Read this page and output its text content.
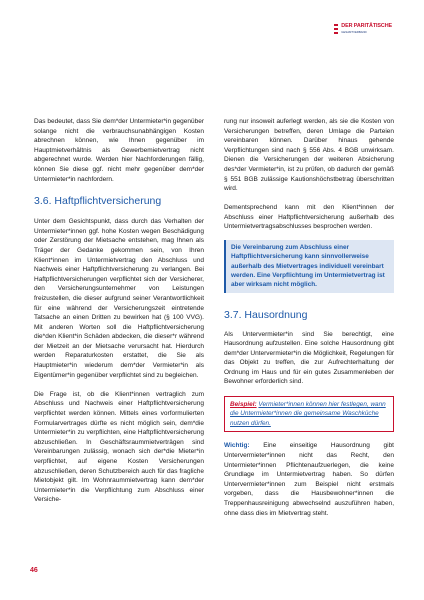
DER PARITÄTISCHE
GESAMTVERBAND

Das bedeutet, dass Sie dem*der Untermieter*in gegenüber solange nicht die verbrauchsunabhängigen Kosten abrechnen können, wie Ihnen gegenüber im Hauptmietverhältnis als Gewerbemietvertrag nicht abgerechnet wurde. Werden hier Nachforderungen fällig, können Sie diese ggf. nicht mehr gegenüber dem*der Untermieter*in nachfordern.

3.6. Haftpflichtversicherung

Unter dem Gesichtspunkt, dass durch das Verhalten der Untermieter*innen ggf. hohe Kosten wegen Beschädigung oder Zerstörung der Mietsache entstehen, mag Ihnen als Träger der Gedanke gekommen sein, von Ihren Klient*innen im Untermietvertrag den Abschluss und Nachweis einer Haftpflichtversicherung zu verlangen. Bei Haftpflichtversicherungen verpflichtet sich der Versicherer, den Versicherungsunternehmer von Leistungen freizustellen, die dieser aufgrund seiner Verantwortlichkeit für eine während der Versicherungszeit eintretende Tatsache an einen Dritten zu bewirken hat (§ 100 VVG). Mit anderen Worten soll die Haftpflichtversicherung die*den Klient*in Schäden abdecken, die dieser*r während der Mietzeit an der Mietsache verursacht hat. Hierdurch werden Reparaturkosten erstattet, die Sie als Hauptmieter*in wiederum dem*der Vermieter*in als Eigentümer*in gegenüber verpflichtet sind zu begleichen.

Die Frage ist, ob die Klient*innen vertraglich zum Abschluss und Nachweis einer Haftpflichtversicherung verpflichtet werden können. Mittels eines vorformulierten Formularvertrages dürfte es nicht möglich sein, dem*die Untermieter*in zu verpflichten, eine Haftpflichtversicherung abzuschließen. In Geschäftsraummietverträgen sind Vereinbarungen zulässig, wonach sich der*die Mieter*in verpflichtet, auf eigene Kosten Versicherungen abzuschließen, deren Schutzbereich auch für das fragliche Mietobjekt gilt. Im Wohnraummietvertrag kann dem*der Untermieter*in die Verpflichtung zum Abschluss einer Versiche-

rung nur insoweit auferlegt werden, als sie die Kosten von Versicherungen betreffen, deren Umlage die Parteien vereinbaren können. Darüber hinaus gehende Verpflichtungen sind nach § 556 Abs. 4 BGB unwirksam. Dienen die Versicherungen der weiteren Absicherung des*der Vermieter*in, ist zu prüfen, ob dadurch der gemäß § 551 BGB zulässige Kautionshöchstbetrag überschritten wird.

Dementsprechend kann mit den Klient*innen der Abschluss einer Haftpflichtversicherung außerhalb des Untermietvertragsabschlusses besprochen werden.

Die Vereinbarung zum Abschluss einer Haftpflichtversicherung kann sinnvollerweise außerhalb des Mietvertrages individuell vereinbart werden. Eine Verpflichtung im Untermietvertrag ist aber wirksam nicht möglich.
3.7. Hausordnung

Als Untervermieter*in sind Sie berechtigt, eine Hausordnung aufzustellen. Eine solche Hausordnung gibt dem*der Untervermieter*in die Möglichkeit, Regelungen für das Objekt zu treffen, die zur Aufrechterhaltung der Ordnung im Haus und für ein gutes Zusammenleben der Bewohner erforderlich sind.

Beispiel: Vermieter*innen können hier festlegen, wann die Untermieter*innen die gemeinsame Waschküche nutzen dürfen.

Wichtig: Eine einseitige Hausordnung gibt Untervermieter*innen nicht das Recht, den Untermieter*innen Pflichtenaufzuerlegen, die keine Grundlage im Untermietvertrag haben. So dürfen Untervermieter*innen zum Beispiel nicht erstmals vorgeben, dass die Hausbewohner*innen die Treppenhausreinigung abwechselnd auszuführen haben, ohne dass dies im Mietvertrag steht.

46
